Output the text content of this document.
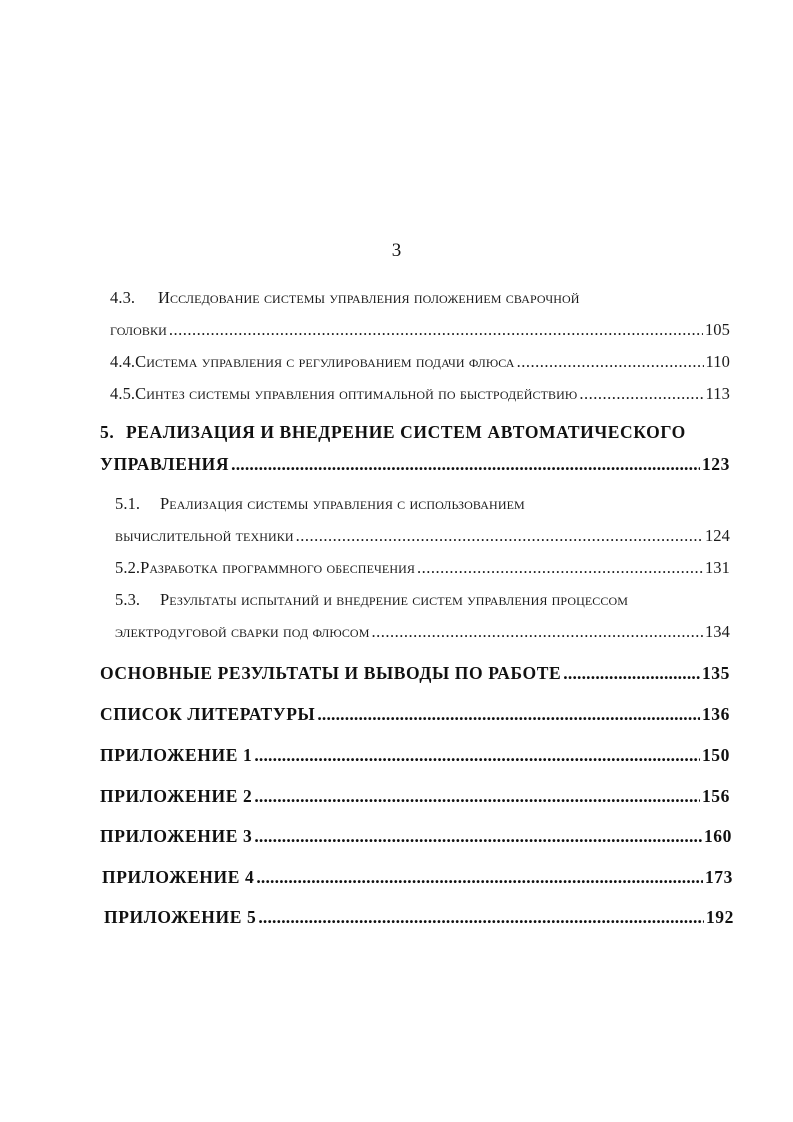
3
4.3.	Исследование системы управления положением сварочной
головки .....	105
4.4. Система управления с регулированием подачи флюса .....	110
4.5. Синтез системы управления оптимальной по быстродействию .....	113
5. РЕАЛИЗАЦИЯ И ВНЕДРЕНИЕ СИСТЕМ АВТОМАТИЧЕСКОГО
УПРАВЛЕНИЯ .....	123
5.1.	Реализация системы управления с использованием
вычислительной техники .....	124
5.2. Разработка программного обеспечения .....	131
5.3.	Результаты испытаний и внедрение систем управления процессом
электродуговой сварки под флюсом .....	134
ОСНОВНЫЕ РЕЗУЛЬТАТЫ И ВЫВОДЫ ПО РАБОТЕ .....	135
СПИСОК ЛИТЕРАТУРЫ .....	136
ПРИЛОЖЕНИЕ 1 .....	150
ПРИЛОЖЕНИЕ 2 .....	156
ПРИЛОЖЕНИЕ 3 .....	160
ПРИЛОЖЕНИЕ 4 .....	173
ПРИЛОЖЕНИЕ 5 .....	192
